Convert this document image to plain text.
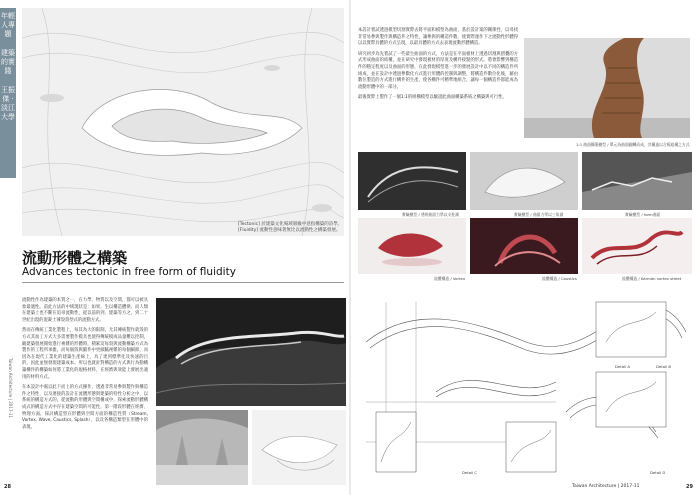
年輕人專題
建築的實踐
王振傑 · 淡江大學
[Tectonic] 於建築文化場域層級中意指構築的詩學，
[Fluidity] 流動性意味著無比以流動性之構築發展。
流動形體之構築
Advances tectonic in free form of fluidity

流動性作為建築的本質之一，在力學、物質以及空間，都可以被具象最適性。前此方法的中域現狀是：如果，生以構造體律。而人類在建築上也不斷在追尋流動性，從以前的到，建築等方之，到二十世紀出現的混凝土薄殼殼型式的流動方式。

然而在傳統工業化製程上，每其為大的限制，尤其傳統製作就殼的方式其加工方式大多需要製作模具也使得傳統模成品量難以控制，隨建築發展開始進行複雜的形體時，積累這每殼與流動構築方式為製作的工程所承擔，而每個殼與鍛件中更細膩複雜的每個細節，而因為在現代工業化的建築生產線上，為了達到標準化及快速的目的，因此並無發現建築成本。所以也就針對構造的方式與行為動構築構件的構築如何將工業化的規格材料，在經濟與效能上發展出適用的材料方式。

在本設計中處以此下而上的方式操作，透過非常易參與製作與構造件之特性，以及連接的設計在流體形態與建築的特性分析之中，以系統的構造方式的，從流動的形體與空間構成中，探索流動形體構成式的構造方式中存在建築空間的可能性。第一階段形體在經濟、物理方面，探討構造型在形體與空間方面的構造性質（Stream, Vortex, Wave, Caustics, Splash），以及各構造類型在形體中的表現。

Taiwan Architecture | 2017-11
28

本設計嘗試透過模型切割實際去將平面和模型為曲面，基於設計案的關係性，以尋找非常易參與製作與構造件之特性，讓參與的構造件數，使實際運作下之流動性形體得以以實際具體的方式呈現，以最具體的方式去表現流動形體構造。

研究初步為先嘗試了一些最生曲面的方式，方法是在平面板材上透過切割與摺疊的方式形成曲面的結構，並在研究中發現板材的厚度及構件接點的形式，將會影響到構造件的穩定程度以及曲面的形態，在此發現模型進一步的發展設計中以不同的構造件所組成，並在設計中透過參數化方式進行形體的控制與調整，將構造件數位化後，藉由數位製造的方式進行構件的生產，使各構件可精準地組合，讓每一個構造件都能成為流動形體中的一部分。

最後實際上製作了一個1:1的組構模型以驗證此曲面構築系統之構築與可行性。

1:1 曲面構築模型 / 單元為曲面翻轉而成，其構造以合板組構之方式
實驗模型 / 透明曲面力學以支柱測	實驗模型 / 曲面力學以三角測	實驗模型 / form曲面
流體構造 / Vortex	流體構造 / Caustics	流體構造 / Kármán vortex street
Detail A	Detail B
Detail C	Detail D
Taiwan Architecture | 2017-11	29
